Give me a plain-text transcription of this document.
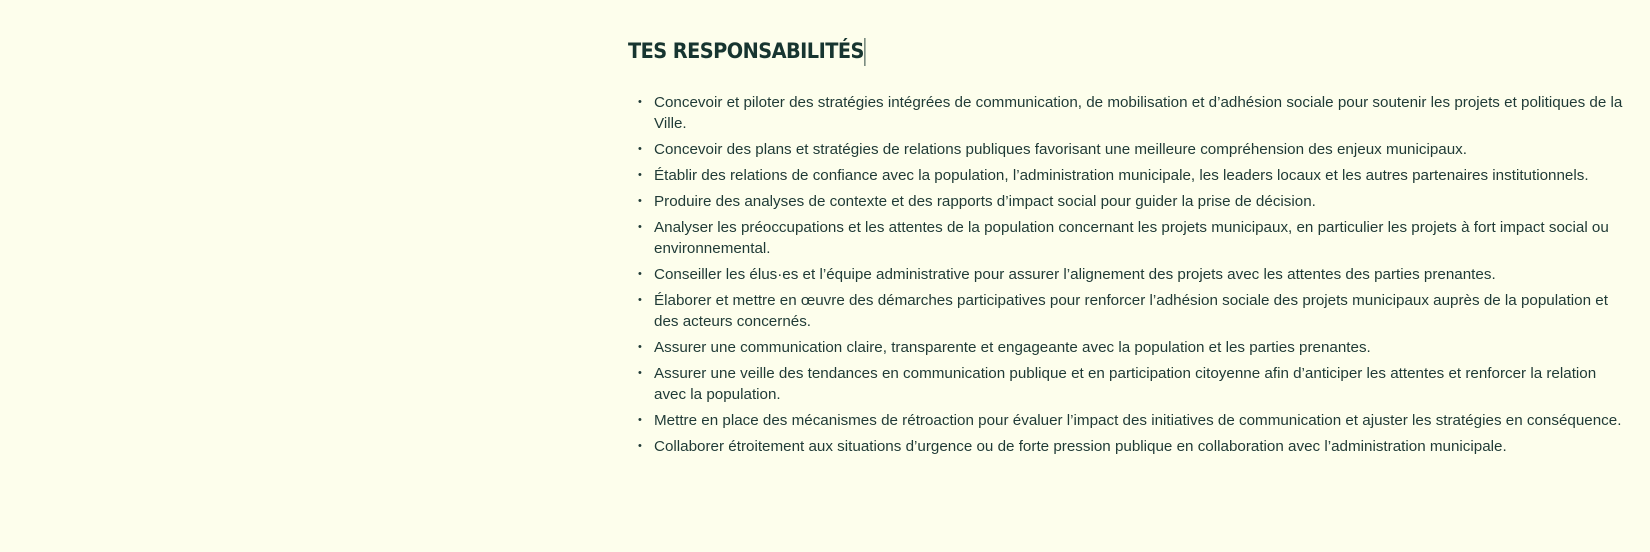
TES RESPONSABILITÉS
• Concevoir et piloter des stratégies intégrées de communication, de mobilisation et d’adhésion sociale pour soutenir les projets et politiques de la Ville.
• Concevoir des plans et stratégies de relations publiques favorisant une meilleure compréhension des enjeux municipaux.
• Établir des relations de confiance avec la population, l’administration municipale, les leaders locaux et les autres partenaires institutionnels.
• Produire des analyses de contexte et des rapports d’impact social pour guider la prise de décision.
• Analyser les préoccupations et les attentes de la population concernant les projets municipaux, en particulier les projets à fort impact social ou environnemental.
• Conseiller les élus·es et l’équipe administrative pour assurer l’alignement des projets avec les attentes des parties prenantes.
• Élaborer et mettre en œuvre des démarches participatives pour renforcer l’adhésion sociale des projets municipaux auprès de la population et des acteurs concernés.
• Assurer une communication claire, transparente et engageante avec la population et les parties prenantes.
• Assurer une veille des tendances en communication publique et en participation citoyenne afin d’anticiper les attentes et renforcer la relation avec la population.
• Mettre en place des mécanismes de rétroaction pour évaluer l’impact des initiatives de communication et ajuster les stratégies en conséquence.
• Collaborer étroitement aux situations d’urgence ou de forte pression publique en collaboration avec l’administration municipale.
